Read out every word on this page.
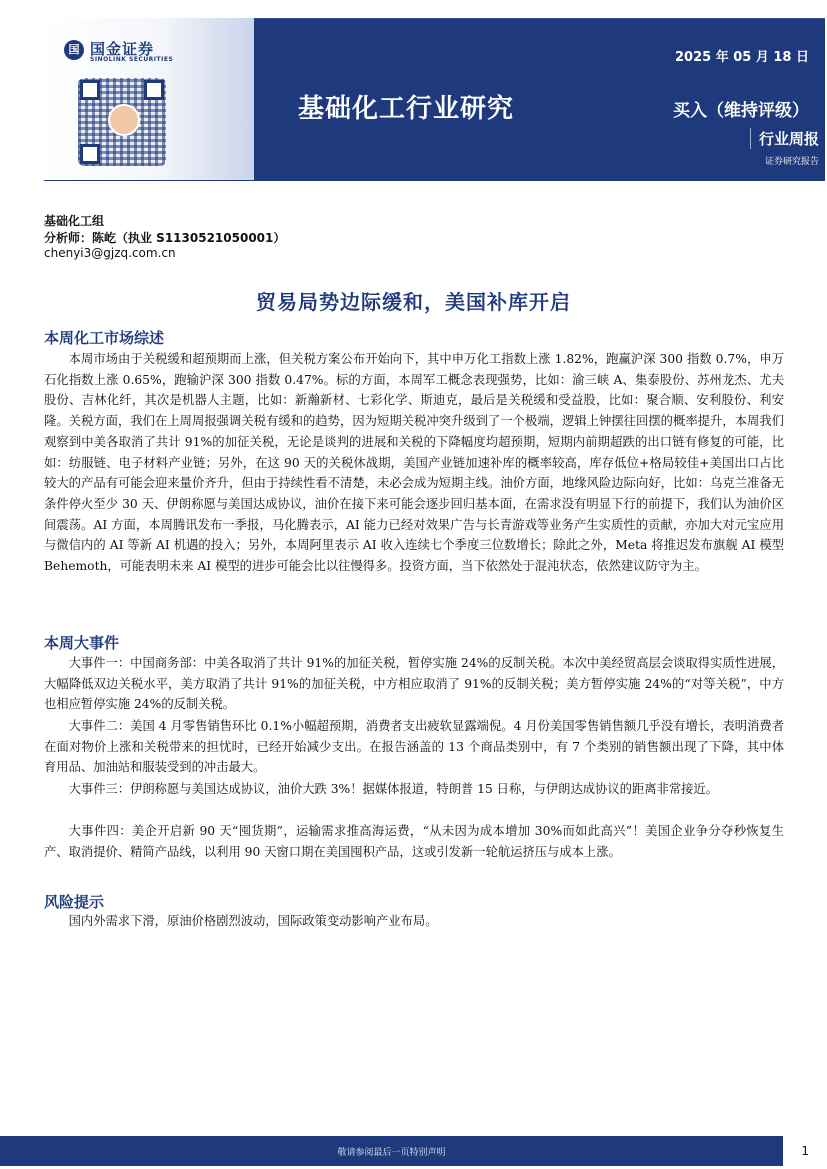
国 国金证券
SINOLINK SECURITIES	2025 年 05 月 18 日
基础化工行业研究	买入（维持评级）
行业周报
证券研究报告
基础化工组
分析师：陈屹（执业 S1130521050001）
chenyi3@gjzq.com.cn
贸易局势边际缓和，美国补库开启
本周化工市场综述

本周市场由于关税缓和超预期而上涨，但关税方案公布开始向下，其中申万化工指数上涨 1.82%，跑赢沪深 300 指数 0.7%，申万石化指数上涨 0.65%，跑输沪深 300 指数 0.47%。标的方面，本周军工概念表现强势，比如：渝三峡 A、集泰股份、苏州龙杰、尤夫股份、吉林化纤，其次是机器人主题，比如：新瀚新材、七彩化学、斯迪克，最后是关税缓和受益股，比如：聚合顺、安利股份、利安隆。关税方面，我们在上周周报强调关税有缓和的趋势，因为短期关税冲突升级到了一个极端，逻辑上钟摆往回摆的概率提升，本周我们观察到中美各取消了共计 91%的加征关税，无论是谈判的进展和关税的下降幅度均超预期，短期内前期超跌的出口链有修复的可能，比如：纺服链、电子材料产业链；另外，在这 90 天的关税休战期，美国产业链加速补库的概率较高，库存低位+格局较佳+美国出口占比较大的产品有可能会迎来量价齐升，但由于持续性看不清楚，未必会成为短期主线。油价方面，地缘风险边际向好，比如：乌克兰准备无条件停火至少 30 天、伊朗称愿与美国达成协议，油价在接下来可能会逐步回归基本面，在需求没有明显下行的前提下，我们认为油价区间震荡。AI 方面，本周腾讯发布一季报，马化腾表示，AI 能力已经对效果广告与长青游戏等业务产生实质性的贡献，亦加大对元宝应用与微信内的 AI 等新 AI 机遇的投入；另外，本周阿里表示 AI 收入连续七个季度三位数增长；除此之外，Meta 将推迟发布旗舰 AI 模型 Behemoth，可能表明未来 AI 模型的进步可能会比以往慢得多。投资方面，当下依然处于混沌状态，依然建议防守为主。

本周大事件

大事件一：中国商务部：中美各取消了共计 91%的加征关税，暂停实施 24%的反制关税。本次中美经贸高层会谈取得实质性进展，大幅降低双边关税水平，美方取消了共计 91%的加征关税，中方相应取消了 91%的反制关税；美方暂停实施 24%的“对等关税”，中方也相应暂停实施 24%的反制关税。

大事件二：美国 4 月零售销售环比 0.1%小幅超预期，消费者支出疲软显露端倪。4 月份美国零售销售额几乎没有增长，表明消费者在面对物价上涨和关税带来的担忧时，已经开始减少支出。在报告涵盖的 13 个商品类别中，有 7 个类别的销售额出现了下降，其中体育用品、加油站和服装受到的冲击最大。

大事件三：伊朗称愿与美国达成协议，油价大跌 3%！据媒体报道，特朗普 15 日称，与伊朗达成协议的距离非常接近。

大事件四：美企开启新 90 天“囤货期”，运输需求推高海运费，“从未因为成本增加 30%而如此高兴”！美国企业争分夺秒恢复生产、取消提价、精简产品线，以利用 90 天窗口期在美国囤积产品，这或引发新一轮航运挤压与成本上涨。

风险提示

国内外需求下滑，原油价格剧烈波动，国际政策变动影响产业布局。

敬请参阅最后一页特别声明	1
